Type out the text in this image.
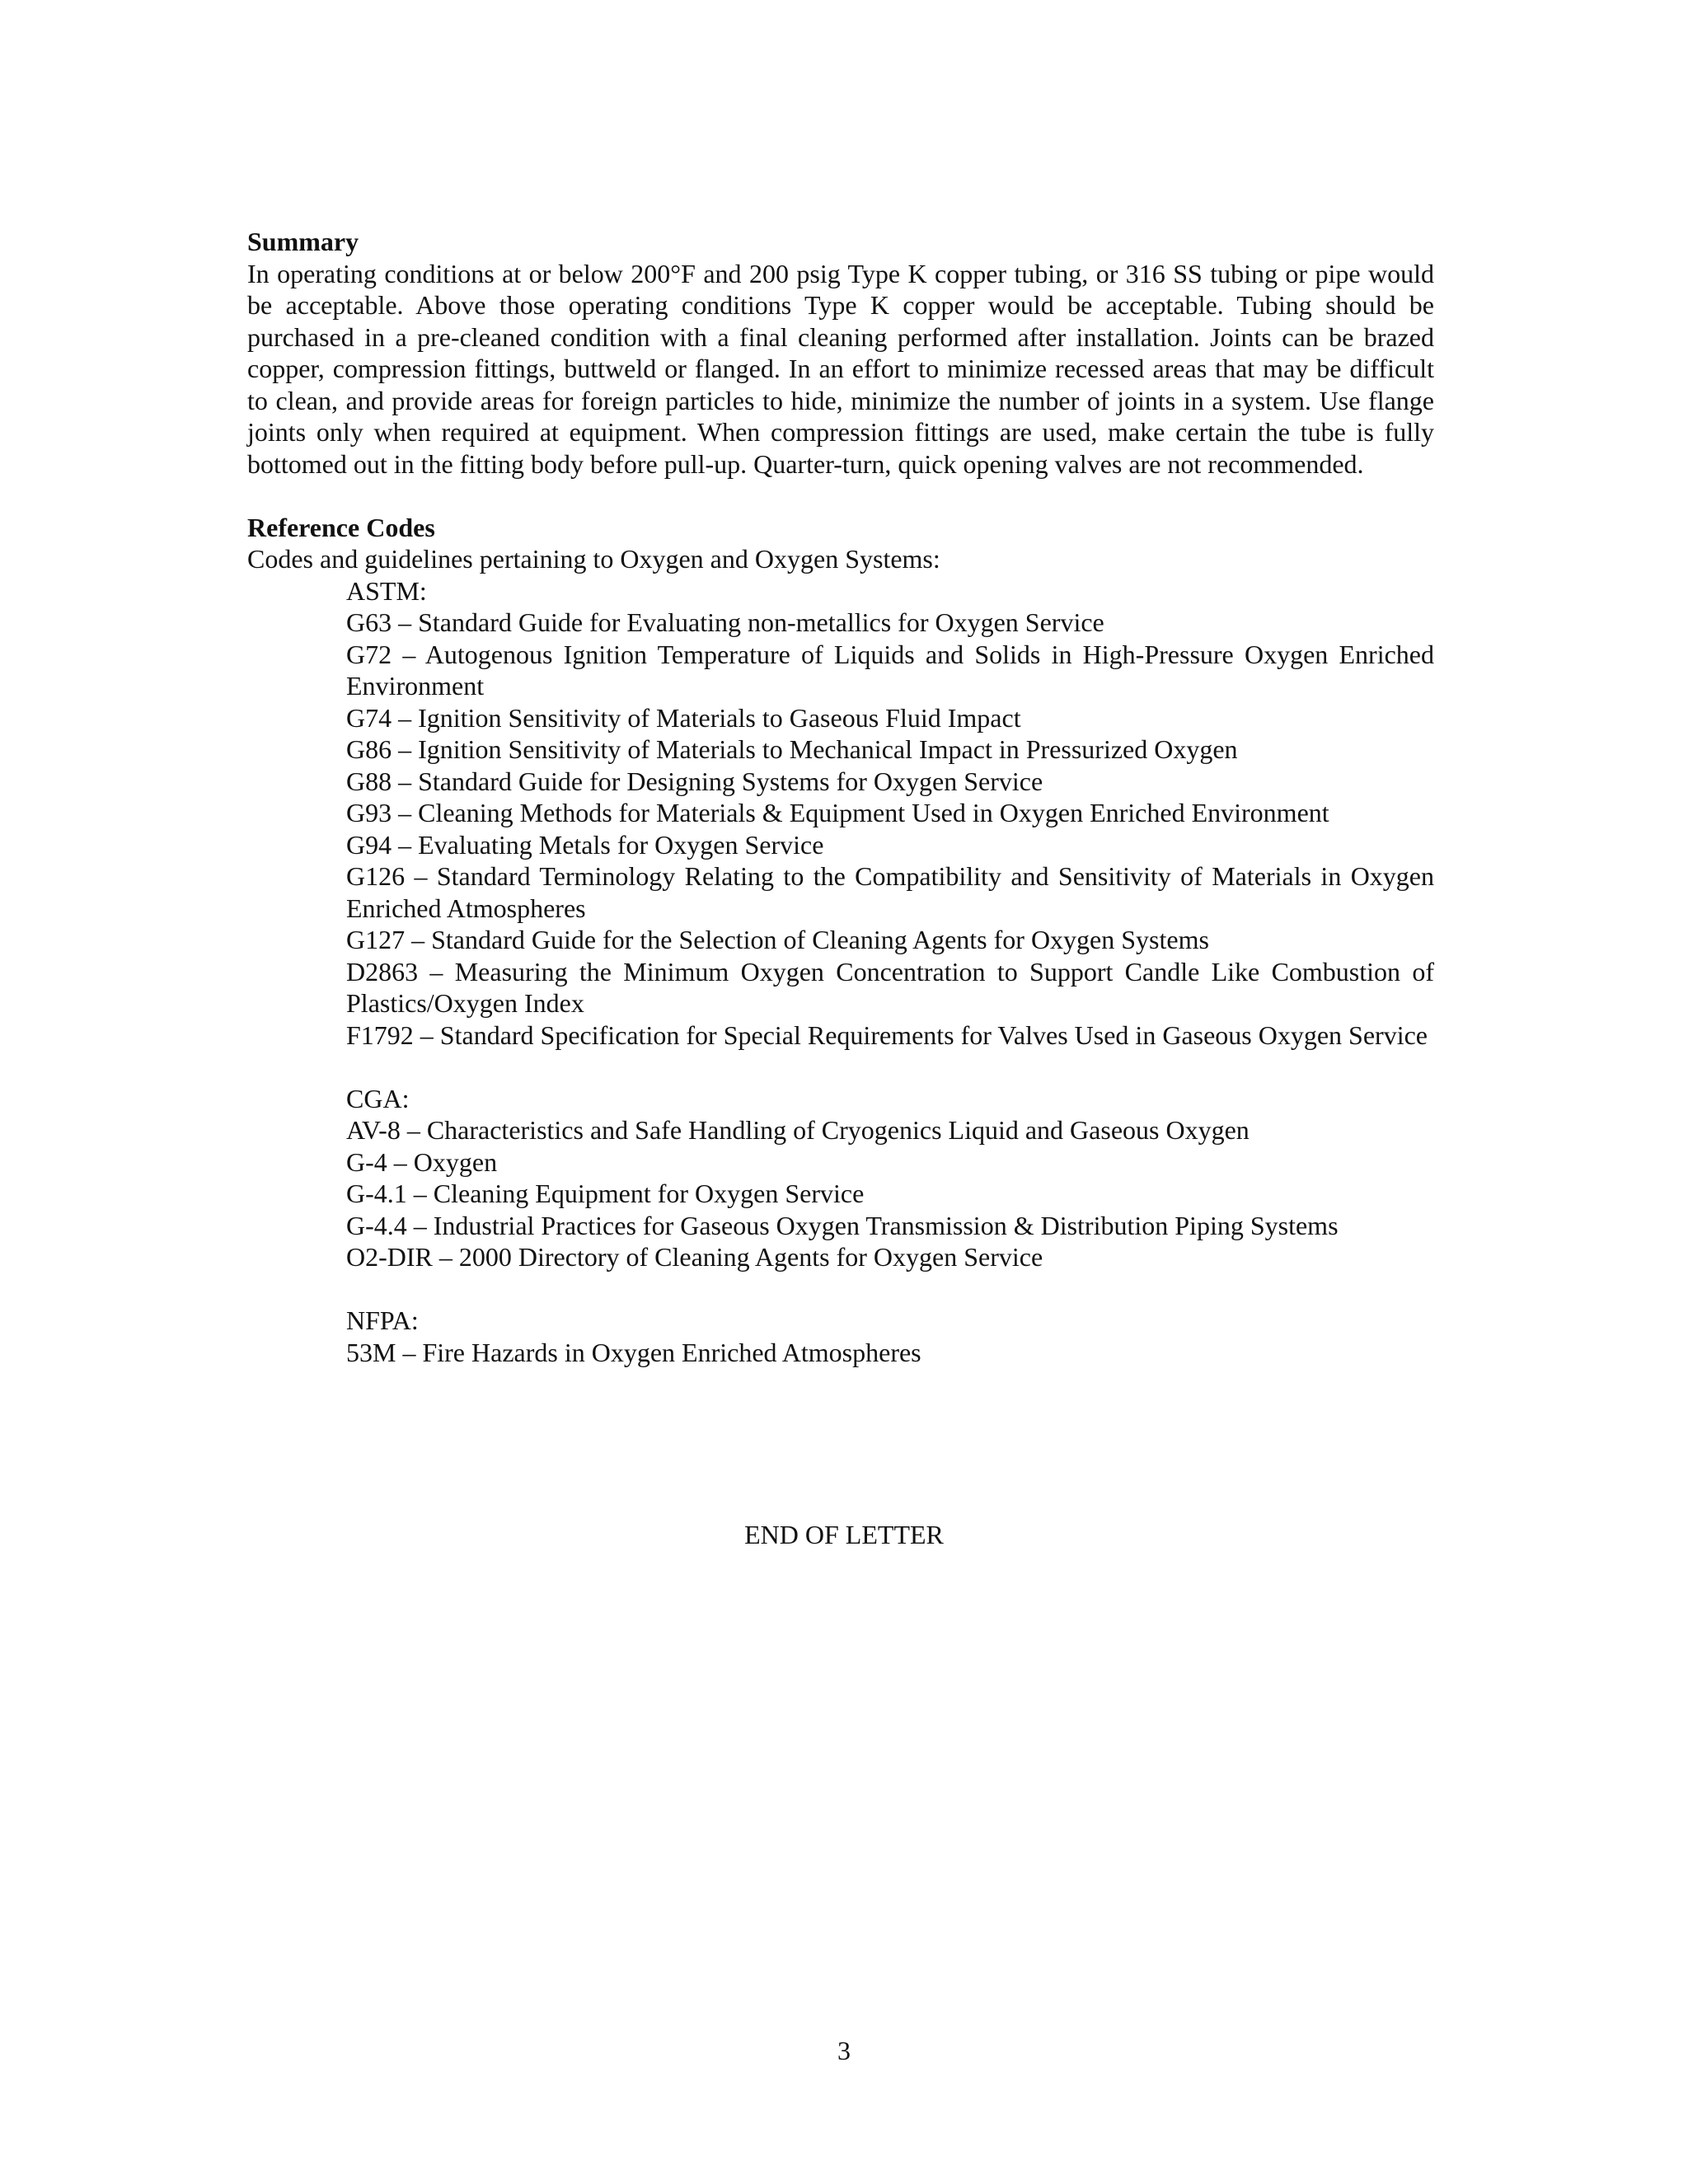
Summary

In operating conditions at or below 200°F and 200 psig Type K copper tubing, or 316 SS tubing or pipe would be acceptable. Above those operating conditions Type K copper would be acceptable. Tubing should be purchased in a pre-cleaned condition with a final cleaning performed after installation. Joints can be brazed copper, compression fittings, buttweld or flanged. In an effort to minimize recessed areas that may be difficult to clean, and provide areas for foreign particles to hide, minimize the number of joints in a system. Use flange joints only when required at equipment. When compression fittings are used, make certain the tube is fully bottomed out in the fitting body before pull-up. Quarter-turn, quick opening valves are not recommended.

Reference Codes
Codes and guidelines pertaining to Oxygen and Oxygen Systems:
ASTM:
G63 – Standard Guide for Evaluating non-metallics for Oxygen Service
G72 – Autogenous Ignition Temperature of Liquids and Solids in High-Pressure Oxygen Enriched Environment
G74 – Ignition Sensitivity of Materials to Gaseous Fluid Impact
G86 – Ignition Sensitivity of Materials to Mechanical Impact in Pressurized Oxygen
G88 – Standard Guide for Designing Systems for Oxygen Service
G93 – Cleaning Methods for Materials & Equipment Used in Oxygen Enriched Environment
G94 – Evaluating Metals for Oxygen Service
G126 – Standard Terminology Relating to the Compatibility and Sensitivity of Materials in Oxygen Enriched Atmospheres
G127 – Standard Guide for the Selection of Cleaning Agents for Oxygen Systems
D2863 – Measuring the Minimum Oxygen Concentration to Support Candle Like Combustion of Plastics/Oxygen Index
F1792 – Standard Specification for Special Requirements for Valves Used in Gaseous Oxygen Service
CGA:
AV-8 – Characteristics and Safe Handling of Cryogenics Liquid and Gaseous Oxygen
G-4 – Oxygen
G-4.1 – Cleaning Equipment for Oxygen Service
G-4.4 – Industrial Practices for Gaseous Oxygen Transmission & Distribution Piping Systems
O2-DIR – 2000 Directory of Cleaning Agents for Oxygen Service
NFPA:
53M – Fire Hazards in Oxygen Enriched Atmospheres
END OF LETTER
3
